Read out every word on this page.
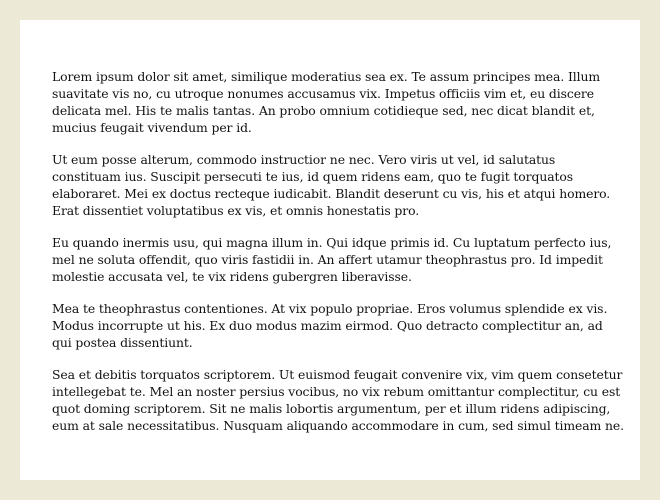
Lorem ipsum dolor sit amet, similique moderatius sea ex. Te assum principes mea. Illum suavitate vis no, cu utroque nonumes accusamus vix. Impetus officiis vim et, eu discere delicata mel. His te malis tantas. An probo omnium cotidieque sed, nec dicat blandit et, mucius feugait vivendum per id.

Ut eum posse alterum, commodo instructior ne nec. Vero viris ut vel, id salutatus constituam ius. Suscipit persecuti te ius, id quem ridens eam, quo te fugit torquatos elaboraret. Mei ex doctus recteque iudicabit. Blandit deserunt cu vis, his et atqui homero. Erat dissentiet voluptatibus ex vis, et omnis honestatis pro.

Eu quando inermis usu, qui magna illum in. Qui idque primis id. Cu luptatum perfecto ius, mel ne soluta offendit, quo viris fastidii in. An affert utamur theophrastus pro. Id impedit molestie accusata vel, te vix ridens gubergren liberavisse.

Mea te theophrastus contentiones. At vix populo propriae. Eros volumus splendide ex vis. Modus incorrupte ut his. Ex duo modus mazim eirmod. Quo detracto complectitur an, ad qui postea dissentiunt.

Sea et debitis torquatos scriptorem. Ut euismod feugait convenire vix, vim quem consetetur intellegebat te. Mel an noster persius vocibus, no vix rebum omittantur complectitur, cu est quot doming scriptorem. Sit ne malis lobortis argumentum, per et illum ridens adipiscing, eum at sale necessitatibus. Nusquam aliquando accommodare in cum, sed simul timeam ne.
